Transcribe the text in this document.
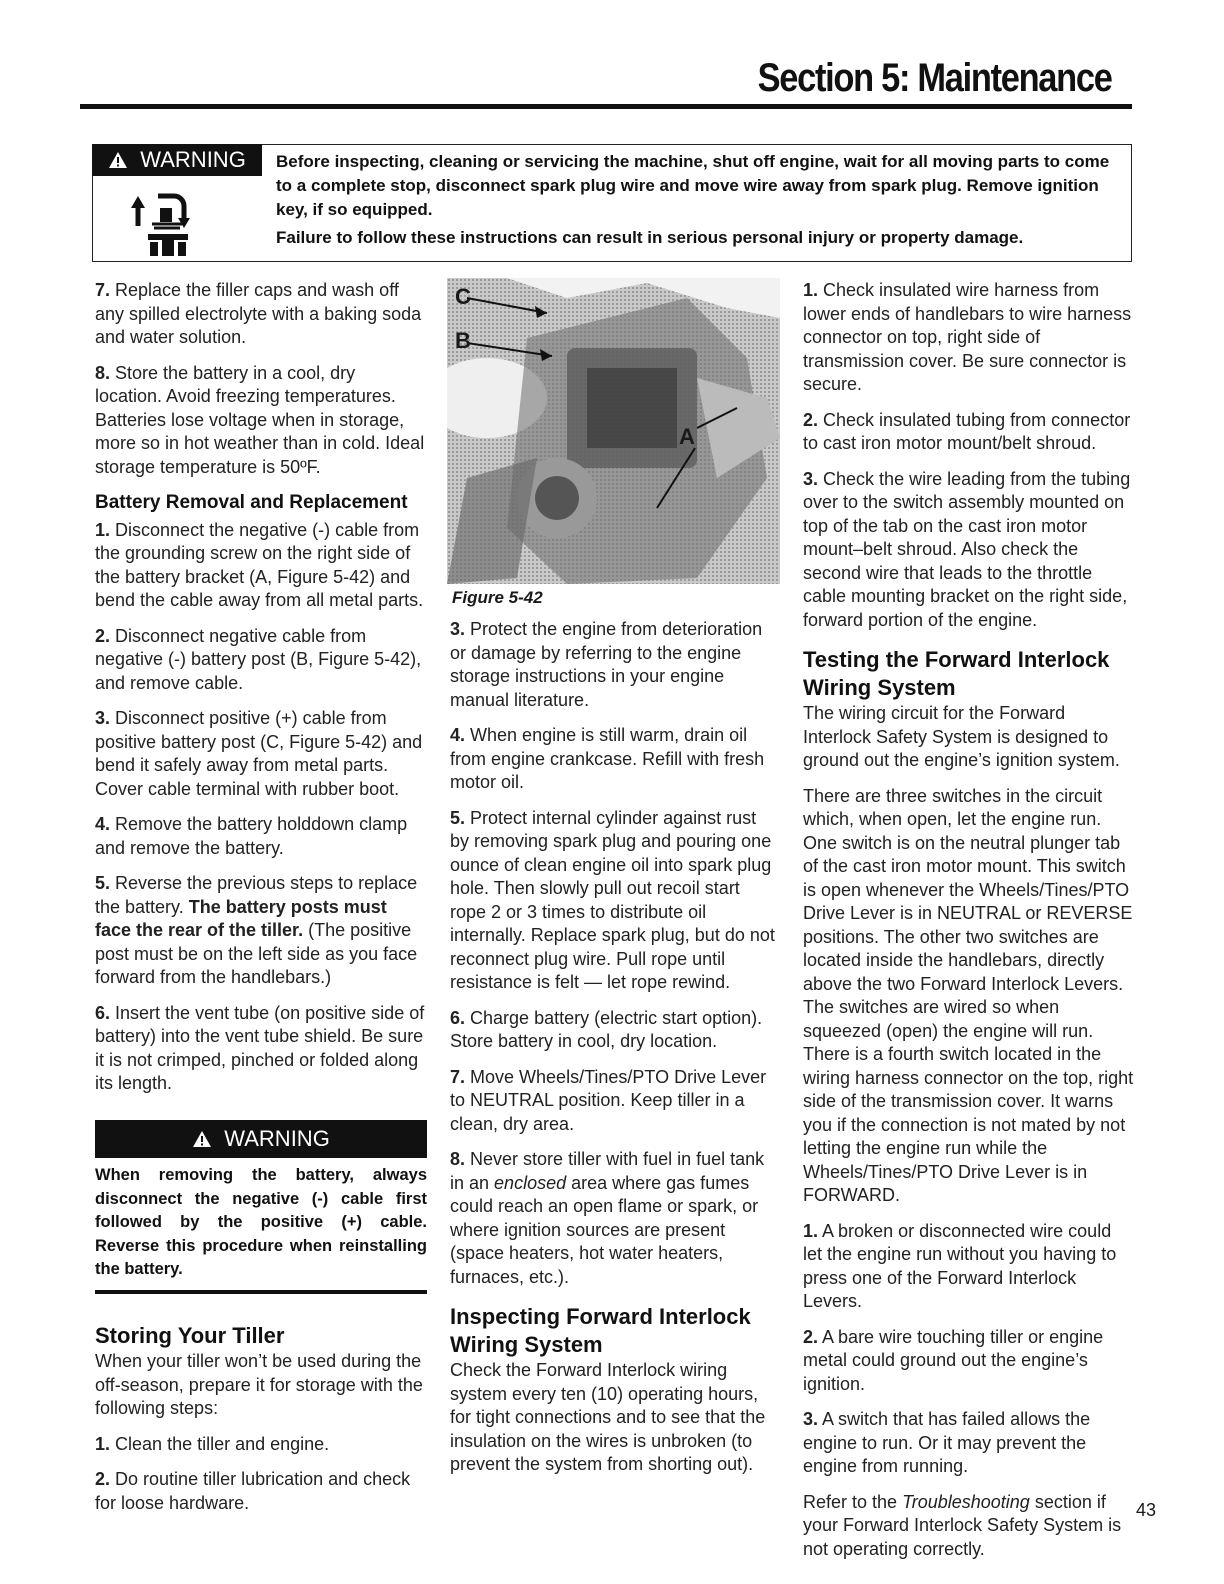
Section 5: Maintenance
WARNING	Before inspecting, cleaning or servicing the machine, shut off engine, wait for all moving parts to come to a complete stop, disconnect spark plug wire and move wire away from spark plug. Remove ignition key, if so equipped.

Failure to follow these instructions can result in serious personal injury or property damage.

7. Replace the filler caps and wash off any spilled electrolyte with a baking soda and water solution.

8. Store the battery in a cool, dry location. Avoid freezing temperatures. Batteries lose voltage when in storage, more so in hot weather than in cold. Ideal storage temperature is 50ºF.

Battery Removal and Replacement

1. Disconnect the negative (-) cable from the grounding screw on the right side of the battery bracket (A, Figure 5-42) and bend the cable away from all metal parts.

2. Disconnect negative cable from negative (-) battery post (B, Figure 5-42), and remove cable.

3. Disconnect positive (+) cable from positive battery post (C, Figure 5-42) and bend it safely away from metal parts. Cover cable terminal with rubber boot.

4. Remove the battery holddown clamp and remove the battery.

5. Reverse the previous steps to replace the battery. The battery posts must face the rear of the tiller. (The positive post must be on the left side as you face forward from the handlebars.)

6. Insert the vent tube (on positive side of battery) into the vent tube shield. Be sure it is not crimped, pinched or folded along its length.

WARNING
When removing the battery, always disconnect the negative (-) cable first followed by the positive (+) cable. Reverse this procedure when reinstalling the battery.
Storing Your Tiller

When your tiller won’t be used during the off-season, prepare it for storage with the following steps:

1. Clean the tiller and engine.

2. Do routine tiller lubrication and check for loose hardware.

C
B
A
Figure 5-42

3. Protect the engine from deterioration or damage by referring to the engine storage instructions in your engine manual literature.

4. When engine is still warm, drain oil from engine crankcase. Refill with fresh motor oil.

5. Protect internal cylinder against rust by removing spark plug and pouring one ounce of clean engine oil into spark plug hole. Then slowly pull out recoil start rope 2 or 3 times to distribute oil internally. Replace spark plug, but do not reconnect plug wire. Pull rope until resistance is felt — let rope rewind.

6. Charge battery (electric start option). Store battery in cool, dry location.

7. Move Wheels/Tines/PTO Drive Lever to NEUTRAL position. Keep tiller in a clean, dry area.

8. Never store tiller with fuel in fuel tank in an enclosed area where gas fumes could reach an open flame or spark, or where ignition sources are present (space heaters, hot water heaters, furnaces, etc.).

Inspecting Forward Interlock Wiring System

Check the Forward Interlock wiring system every ten (10) operating hours, for tight connections and to see that the insulation on the wires is unbroken (to prevent the system from shorting out).

1. Check insulated wire harness from lower ends of handlebars to wire harness connector on top, right side of transmission cover. Be sure connector is secure.

2. Check insulated tubing from connector to cast iron motor mount/belt shroud.

3. Check the wire leading from the tubing over to the switch assembly mounted on top of the tab on the cast iron motor mount–belt shroud. Also check the second wire that leads to the throttle cable mounting bracket on the right side, forward portion of the engine.

Testing the Forward Interlock Wiring System

The wiring circuit for the Forward Interlock Safety System is designed to ground out the engine’s ignition system.

There are three switches in the circuit which, when open, let the engine run. One switch is on the neutral plunger tab of the cast iron motor mount. This switch is open whenever the Wheels/Tines/PTO Drive Lever is in NEUTRAL or REVERSE positions. The other two switches are located inside the handlebars, directly above the two Forward Interlock Levers. The switches are wired so when squeezed (open) the engine will run. There is a fourth switch located in the wiring harness connector on the top, right side of the transmission cover. It warns you if the connection is not mated by not letting the engine run while the Wheels/Tines/PTO Drive Lever is in FORWARD.

1. A broken or disconnected wire could let the engine run without you having to press one of the Forward Interlock Levers.

2. A bare wire touching tiller or engine metal could ground out the engine’s ignition.

3. A switch that has failed allows the engine to run. Or it may prevent the engine from running.

Refer to the Troubleshooting section if your Forward Interlock Safety System is not operating correctly.

43
